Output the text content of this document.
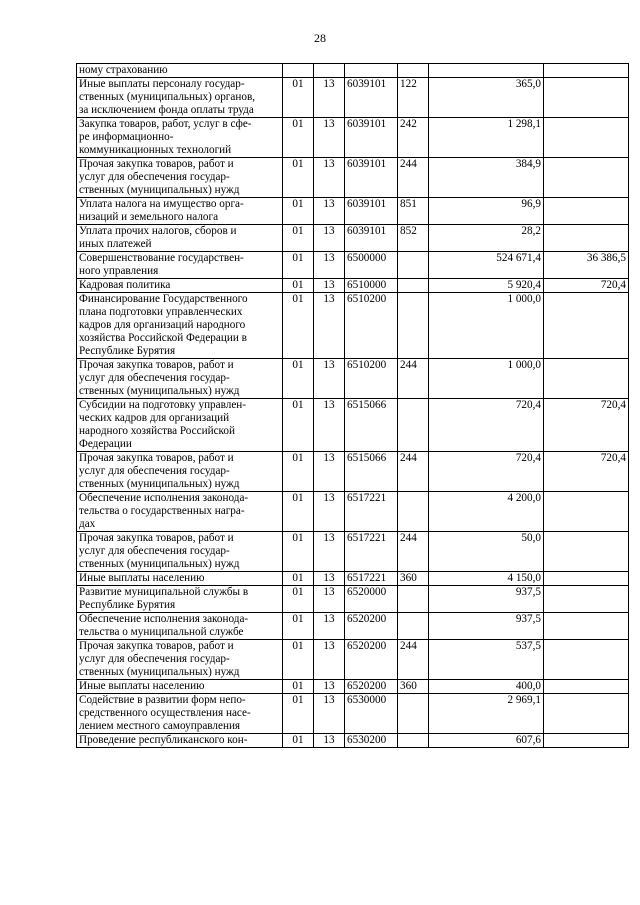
28
ному страхованию						
Иные выплаты персоналу государ-
ственных (муниципальных) органов,
за исключением фонда оплаты труда	01	13	6039101	122	365,0	
Закупка товаров, работ, услуг в сфе-
ре информационно-
коммуникационных технологий	01	13	6039101	242	1 298,1	
Прочая закупка товаров, работ и
услуг для обеспечения государ-
ственных (муниципальных) нужд	01	13	6039101	244	384,9	
Уплата налога на имущество орга-
низаций и земельного налога	01	13	6039101	851	96,9	
Уплата прочих налогов, сборов и
иных платежей	01	13	6039101	852	28,2	
Совершенствование государствен-
ного управления	01	13	6500000		524 671,4	36 386,5
Кадровая политика	01	13	6510000		5 920,4	720,4
Финансирование Государственного
плана подготовки управленческих
кадров для организаций народного
хозяйства Российской Федерации в
Республике Бурятия	01	13	6510200		1 000,0	
Прочая закупка товаров, работ и
услуг для обеспечения государ-
ственных (муниципальных) нужд	01	13	6510200	244	1 000,0	
Субсидии на подготовку управлен-
ческих кадров для организаций
народного хозяйства Российской
Федерации	01	13	6515066		720,4	720,4
Прочая закупка товаров, работ и
услуг для обеспечения государ-
ственных (муниципальных) нужд	01	13	6515066	244	720,4	720,4
Обеспечение исполнения законода-
тельства о государственных награ-
дах	01	13	6517221		4 200,0	
Прочая закупка товаров, работ и
услуг для обеспечения государ-
ственных (муниципальных) нужд	01	13	6517221	244	50,0	
Иные выплаты населению	01	13	6517221	360	4 150,0	
Развитие муниципальной службы в
Республике Бурятия	01	13	6520000		937,5	
Обеспечение исполнения законода-
тельства о муниципальной службе	01	13	6520200		937,5	
Прочая закупка товаров, работ и
услуг для обеспечения государ-
ственных (муниципальных) нужд	01	13	6520200	244	537,5	
Иные выплаты населению	01	13	6520200	360	400,0	
Содействие в развитии форм непо-
средственного осуществления насе-
лением местного самоуправления	01	13	6530000		2 969,1	
Проведение республиканского кон-	01	13	6530200		607,6	
